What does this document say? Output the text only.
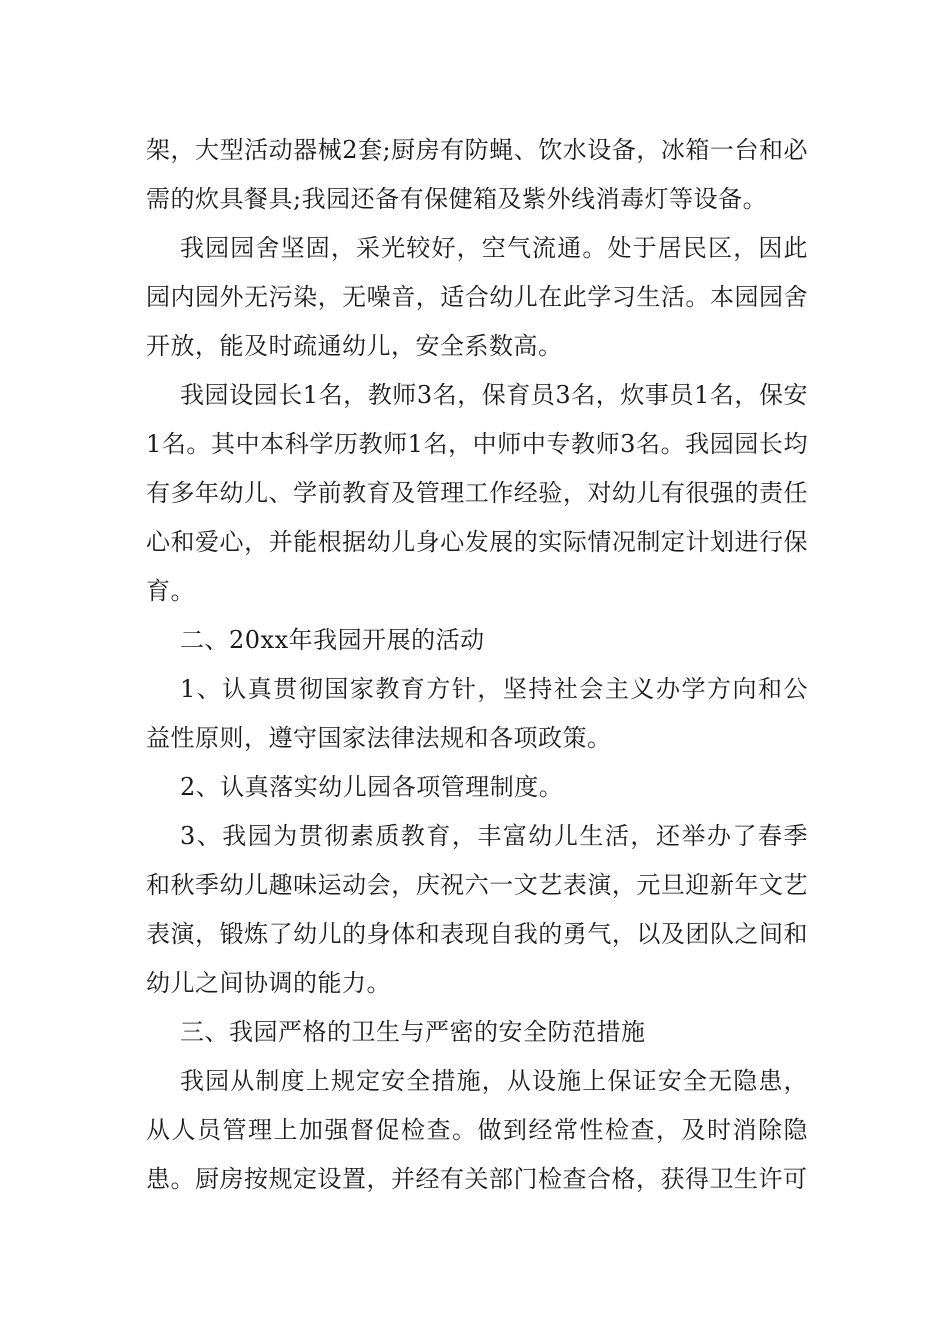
架，大型活动器械2套;厨房有防蝇、饮水设备，冰箱一台和必需的炊具餐具;我园还备有保健箱及紫外线消毒灯等设备。

我园园舍坚固，采光较好，空气流通。处于居民区，因此园内园外无污染，无噪音，适合幼儿在此学习生活。本园园舍开放，能及时疏通幼儿，安全系数高。

我园设园长1名，教师3名，保育员3名，炊事员1名，保安1名。其中本科学历教师1名，中师中专教师3名。我园园长均有多年幼儿、学前教育及管理工作经验，对幼儿有很强的责任心和爱心，并能根据幼儿身心发展的实际情况制定计划进行保育。

二、20xx年我园开展的活动

1、认真贯彻国家教育方针，坚持社会主义办学方向和公益性原则，遵守国家法律法规和各项政策。

2、认真落实幼儿园各项管理制度。

3、我园为贯彻素质教育，丰富幼儿生活，还举办了春季和秋季幼儿趣味运动会，庆祝六一文艺表演，元旦迎新年文艺表演，锻炼了幼儿的身体和表现自我的勇气，以及团队之间和幼儿之间协调的能力。

三、我园严格的卫生与严密的安全防范措施

我园从制度上规定安全措施，从设施上保证安全无隐患，从人员管理上加强督促检查。做到经常性检查，及时消除隐患。厨房按规定设置，并经有关部门检查合格，获得卫生许可
